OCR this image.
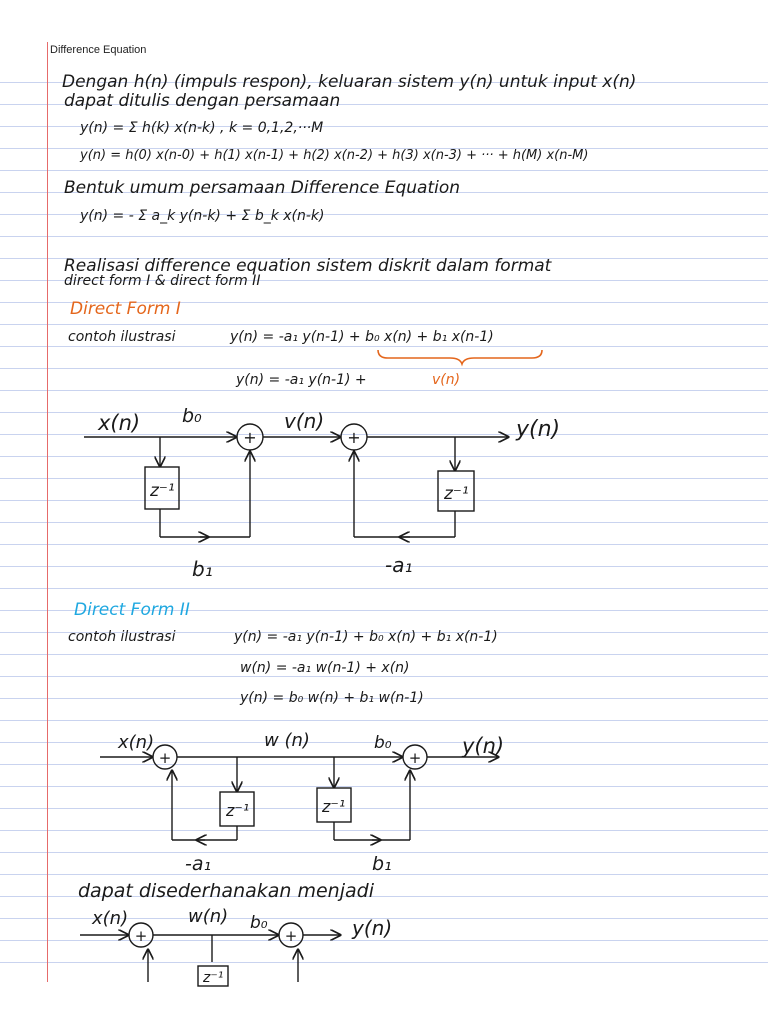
Difference Equation
Dengan h(n) (impuls respon), keluaran sistem y(n) untuk input x(n)
dapat ditulis dengan persamaan
y(n) = Σ h(k) x(n-k) , k = 0,1,2,···M
y(n) = h(0) x(n-0) + h(1) x(n-1) + h(2) x(n-2) + h(3) x(n-3) + ··· + h(M) x(n-M)
Bentuk umum persamaan Difference Equation
y(n) = - Σ a_k y(n-k) + Σ b_k x(n-k)
Realisasi difference equation sistem diskrit dalam format
direct form I & direct form II
Direct Form I
contoh ilustrasi	y(n) = -a₁ y(n-1) + b₀ x(n) + b₁ x(n-1)
y(n) = -a₁ y(n-1) +	v(n)
Direct Form II
contoh ilustrasi	y(n) = -a₁ y(n-1) + b₀ x(n) + b₁ x(n-1)
w(n) = -a₁ w(n-1) + x(n)
y(n) = b₀ w(n) + b₁ w(n-1)
dapat disederhanakan menjadi
+	+
x(n) b₀	v(n)	y(n)
z⁻¹	z⁻¹
b₁	-a₁
+	+
x(n)	w (n)	b₀	y(n)
z⁻¹	z⁻¹
-a₁	b₁
+	+
x(n)	w(n) b₀	y(n)
z⁻¹
